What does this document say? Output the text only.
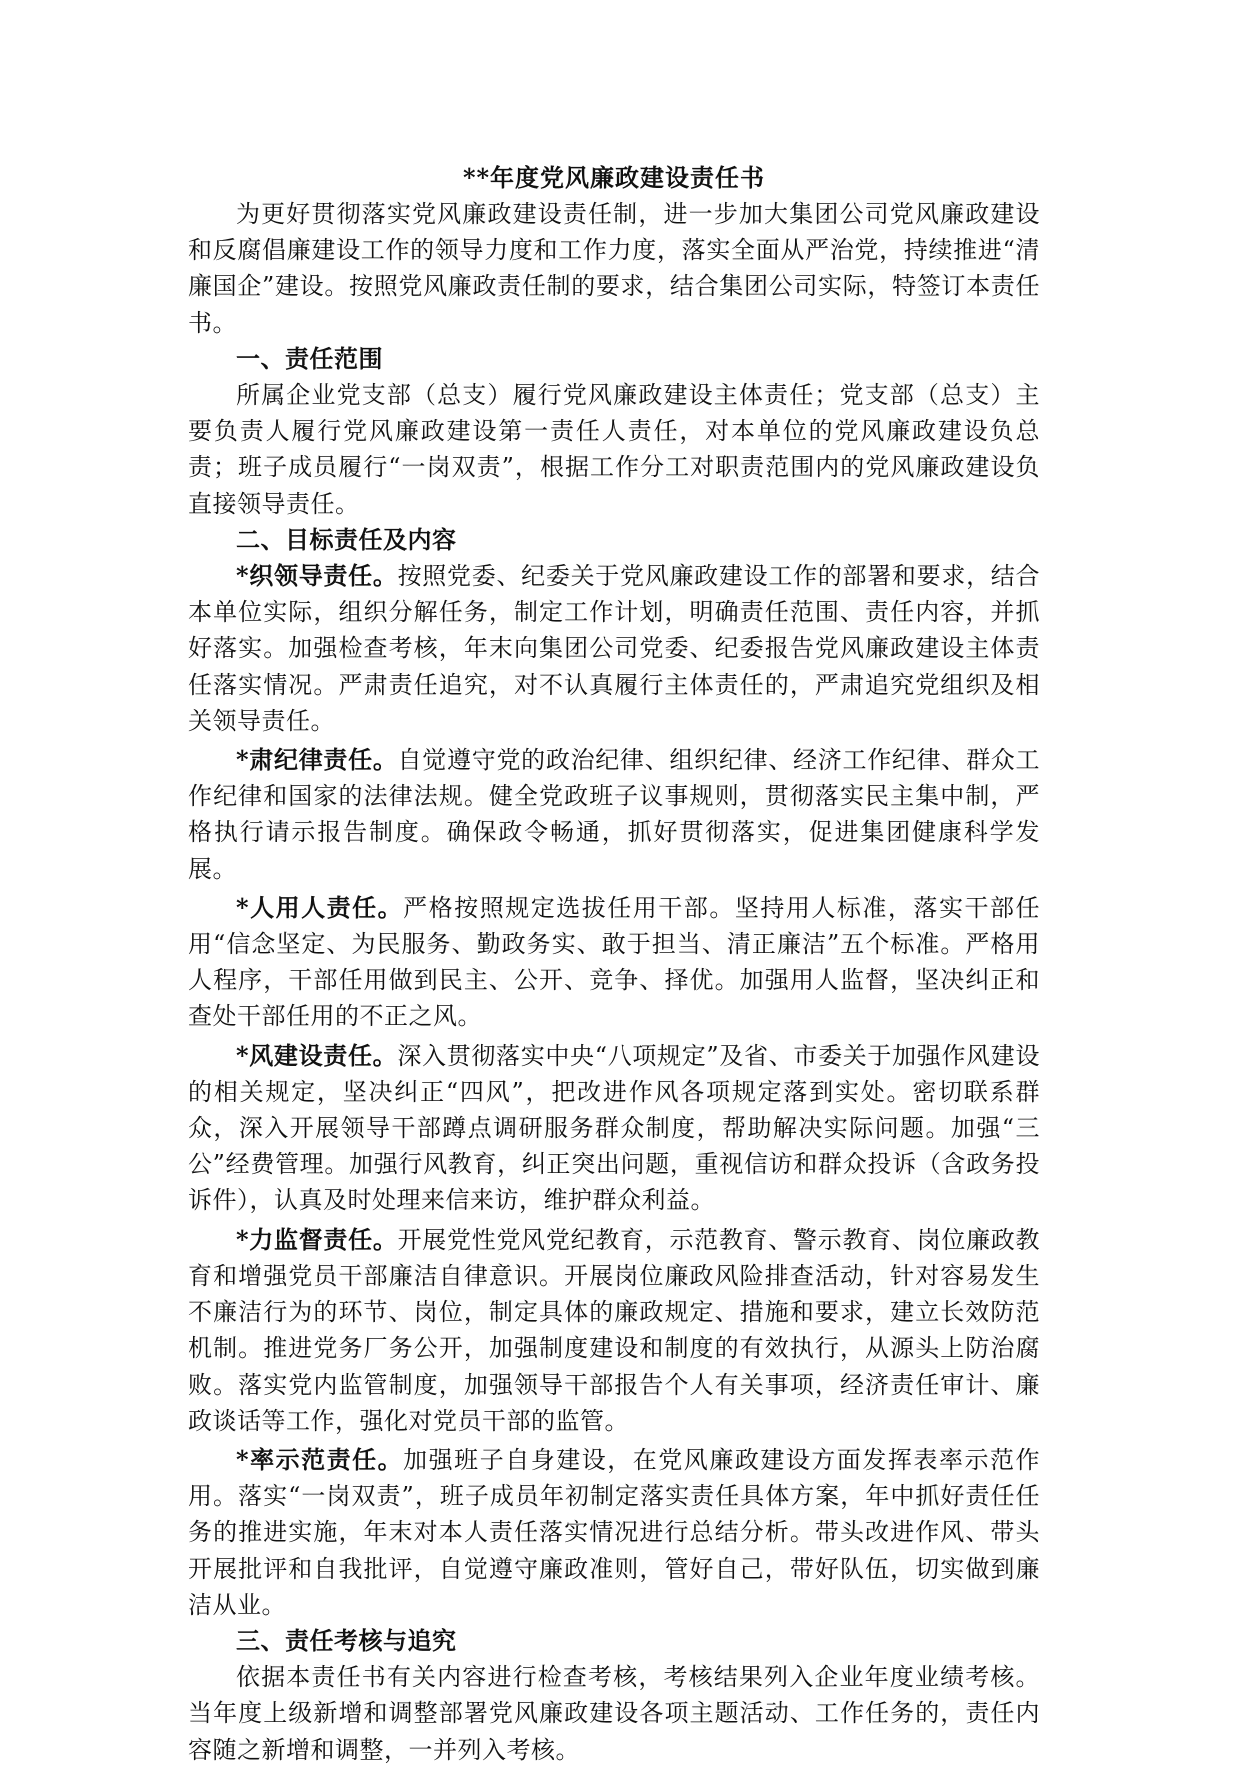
**年度党风廉政建设责任书

为更好贯彻落实党风廉政建设责任制，进一步加大集团公司党风廉政建设和反腐倡廉建设工作的领导力度和工作力度，落实全面从严治党，持续推进“清廉国企”建设。按照党风廉政责任制的要求，结合集团公司实际，特签订本责任书。

一、责任范围

所属企业党支部（总支）履行党风廉政建设主体责任；党支部（总支）主要负责人履行党风廉政建设第一责任人责任，对本单位的党风廉政建设负总责；班子成员履行“一岗双责”，根据工作分工对职责范围内的党风廉政建设负直接领导责任。

二、目标责任及内容

*织领导责任。按照党委、纪委关于党风廉政建设工作的部署和要求，结合本单位实际，组织分解任务，制定工作计划，明确责任范围、责任内容，并抓好落实。加强检查考核，年末向集团公司党委、纪委报告党风廉政建设主体责任落实情况。严肃责任追究，对不认真履行主体责任的，严肃追究党组织及相关领导责任。

*肃纪律责任。自觉遵守党的政治纪律、组织纪律、经济工作纪律、群众工作纪律和国家的法律法规。健全党政班子议事规则，贯彻落实民主集中制，严格执行请示报告制度。确保政令畅通，抓好贯彻落实，促进集团健康科学发展。

*人用人责任。严格按照规定选拔任用干部。坚持用人标准，落实干部任用“信念坚定、为民服务、勤政务实、敢于担当、清正廉洁”五个标准。严格用人程序，干部任用做到民主、公开、竞争、择优。加强用人监督，坚决纠正和查处干部任用的不正之风。

*风建设责任。深入贯彻落实中央“八项规定”及省、市委关于加强作风建设的相关规定，坚决纠正“四风”，把改进作风各项规定落到实处。密切联系群众，深入开展领导干部蹲点调研服务群众制度，帮助解决实际问题。加强“三公”经费管理。加强行风教育，纠正突出问题，重视信访和群众投诉（含政务投诉件），认真及时处理来信来访，维护群众利益。

*力监督责任。开展党性党风党纪教育，示范教育、警示教育、岗位廉政教育和增强党员干部廉洁自律意识。开展岗位廉政风险排查活动，针对容易发生不廉洁行为的环节、岗位，制定具体的廉政规定、措施和要求，建立长效防范机制。推进党务厂务公开，加强制度建设和制度的有效执行，从源头上防治腐败。落实党内监管制度，加强领导干部报告个人有关事项，经济责任审计、廉政谈话等工作，强化对党员干部的监管。

*率示范责任。加强班子自身建设，在党风廉政建设方面发挥表率示范作用。落实“一岗双责”，班子成员年初制定落实责任具体方案，年中抓好责任任务的推进实施，年末对本人责任落实情况进行总结分析。带头改进作风、带头开展批评和自我批评，自觉遵守廉政准则，管好自己，带好队伍，切实做到廉洁从业。

三、责任考核与追究

依据本责任书有关内容进行检查考核，考核结果列入企业年度业绩考核。当年度上级新增和调整部署党风廉政建设各项主题活动、工作任务的，责任内容随之新增和调整，一并列入考核。
